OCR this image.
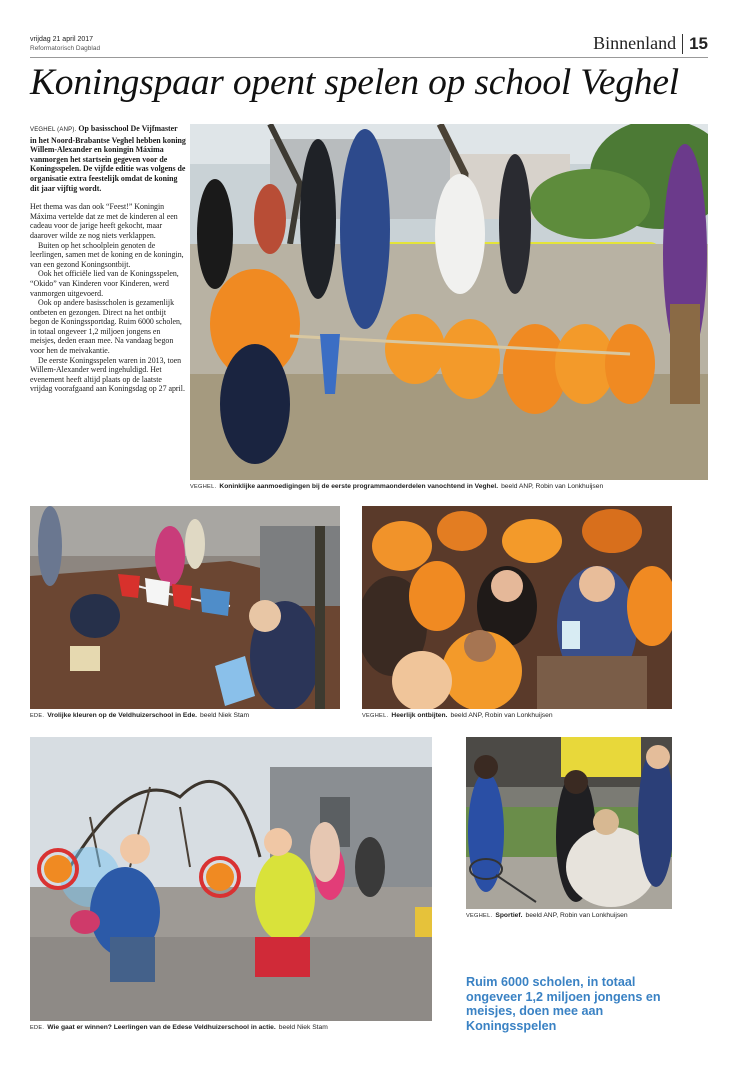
vrijdag 21 april 2017
Reformatorisch Dagblad	Binnenland 15
Koningspaar opent spelen op school Veghel

VEGHEL (ANP). Op basisschool De Vijfmaster in het Noord-Brabantse Veghel hebben koning Willem-Alexander en koningin Máxima vanmorgen het startsein gegeven voor de Koningsspelen. De vijfde editie was volgens de organisatie extra feestelijk omdat de koning dit jaar vijftig wordt.

Het thema was dan ook “Feest!” Koningin Máxima vertelde dat ze met de kinderen al een cadeau voor de jarige heeft gekocht, maar daarover wilde ze nog niets verklappen.

Buiten op het schoolplein genoten de leerlingen, samen met de koning en de koningin, van een gezond Koningsontbijt.

Ook het officiële lied van de Koningsspelen, “Okido” van Kinderen voor Kinderen, werd vanmorgen uitgevoerd.

Ook op andere basisscholen is gezamenlijk ontbeten en gezongen. Direct na het ontbijt begon de Koningssportdag. Ruim 6000 scholen, in totaal ongeveer 1,2 miljoen jongens en meisjes, deden eraan mee. Na vandaag begon voor hen de meivakantie.

De eerste Koningsspelen waren in 2013, toen Willem-Alexander werd ingehuldigd. Het evenement heeft altijd plaats op de laatste vrijdag voorafgaand aan Koningsdag op 27 april.

VEGHEL. Koninklijke aanmoedigingen bij de eerste programmaonderdelen vanochtend in Veghel. beeld ANP, Robin van Lonkhuijsen
EDE. Vrolijke kleuren op de Veldhuizerschool in Ede. beeld Niek Stam	VEGHEL. Heerlijk ontbijten. beeld ANP, Robin van Lonkhuijsen
EDE. Wie gaat er winnen? Leerlingen van de Edese Veldhuizerschool in actie. beeld Niek Stam
VEGHEL. Sportief. beeld ANP, Robin van Lonkhuijsen
Ruim 6000 scholen, in totaal ongeveer 1,2 miljoen jongens en meisjes, doen mee aan Koningsspelen
